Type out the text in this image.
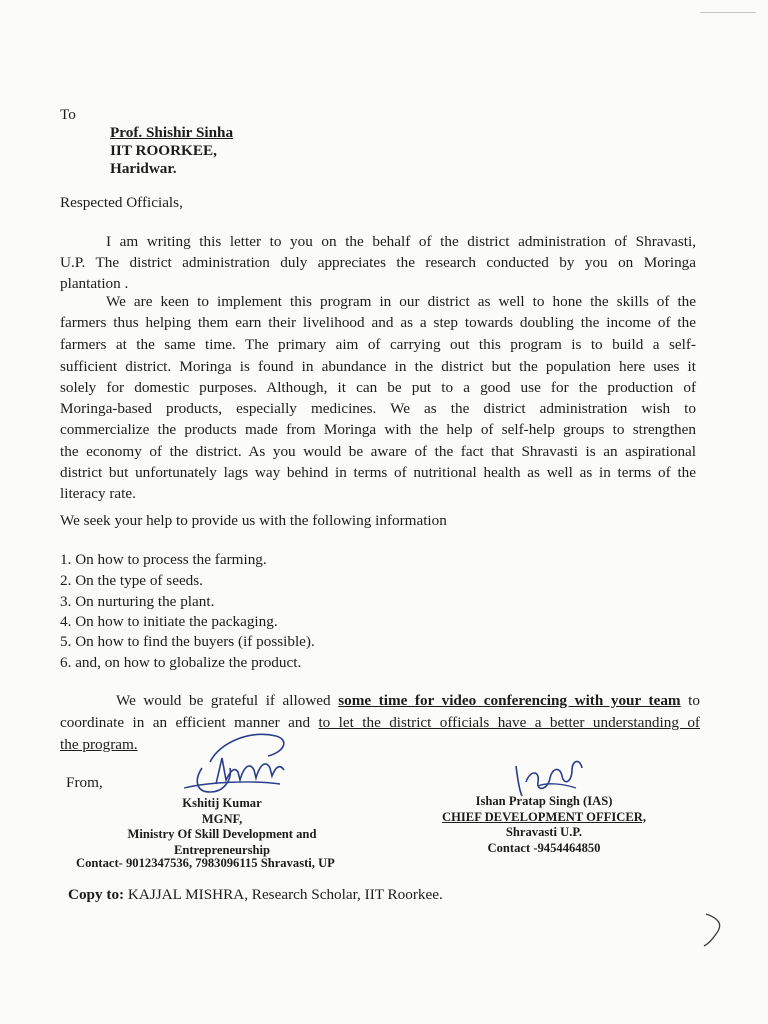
To
Prof. Shishir Sinha
IIT ROORKEE,
Haridwar.
Respected Officials,
I am writing this letter to you on the behalf of the district administration of Shravasti,
U.P. The district administration duly appreciates the research conducted by you on Moringa
plantation .
We are keen to implement this program in our district as well to hone the skills of the
farmers thus helping them earn their livelihood and as a step towards doubling the income of the
farmers at the same time. The primary aim of carrying out this program is to build a self-
sufficient district. Moringa is found in abundance in the district but the population here uses it
solely for domestic purposes. Although, it can be put to a good use for the production of
Moringa-based products, especially medicines. We as the district administration wish to
commercialize the products made from Moringa with the help of self-help groups to strengthen
the economy of the district. As you would be aware of the fact that Shravasti is an aspirational
district but unfortunately lags way behind in terms of nutritional health as well as in terms of the
literacy rate.
We seek your help to provide us with the following information
1. On how to process the farming.
2. On the type of seeds.
3. On nurturing the plant.
4. On how to initiate the packaging.
5. On how to find the buyers (if possible).
6. and, on how to globalize the product.
We would be grateful if allowed some time for video conferencing with your team to
coordinate in an efficient manner and to let the district officials have a better understanding of
the program.
From,
Kshitij Kumar
MGNF,
Ministry Of Skill Development and
Entrepreneurship
Contact- 9012347536, 7983096115 Shravasti, UP
Ishan Pratap Singh (IAS)
CHIEF DEVELOPMENT OFFICER,
Shravasti U.P.
Contact -9454464850
Copy to: KAJJAL MISHRA, Research Scholar, IIT Roorkee.
